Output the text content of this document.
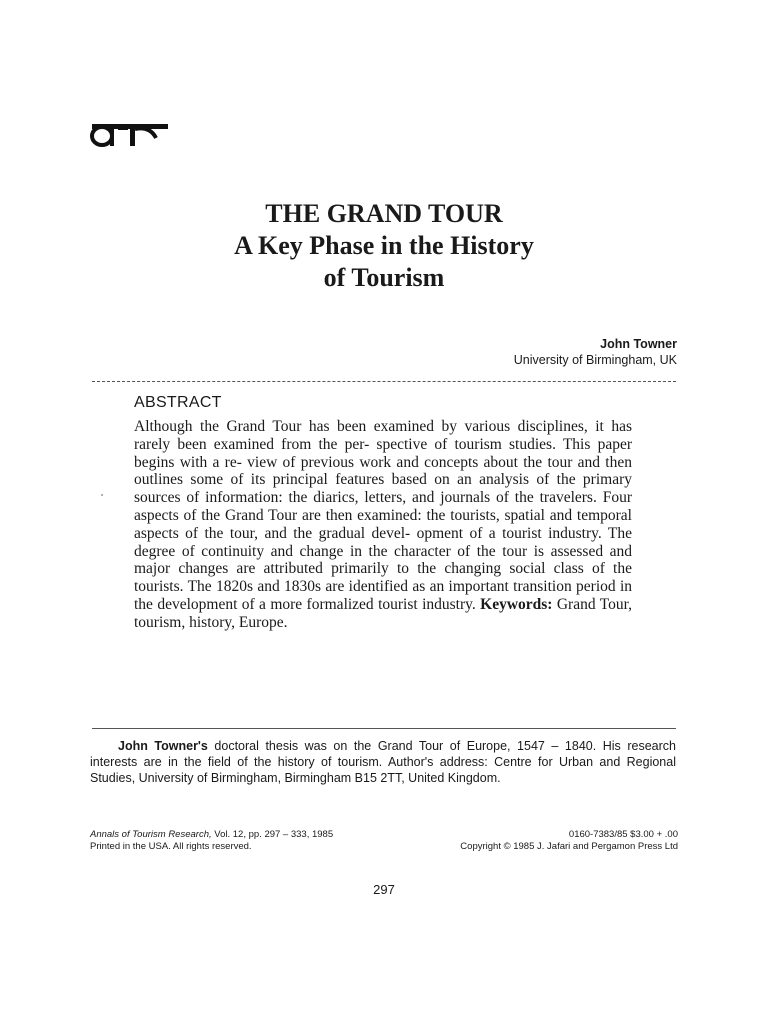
THE GRAND TOUR
A Key Phase in the History
of Tourism
John Towner
University of Birmingham, UK
ABSTRACT
Although the Grand Tour has been examined by various disciplines, it has rarely been examined from the per- spective of tourism studies. This paper begins with a re- view of previous work and concepts about the tour and then outlines some of its principal features based on an analysis of the primary sources of information: the diarics, letters, and journals of the travelers. Four aspects of the Grand Tour are then examined: the tourists, spatial and temporal aspects of the tour, and the gradual devel- opment of a tourist industry. The degree of continuity and change in the character of the tour is assessed and major changes are attributed primarily to the changing social class of the tourists. The 1820s and 1830s are identified as an important transition period in the development of a more formalized tourist industry. Keywords: Grand Tour, tourism, history, Europe.
John Towner's doctoral thesis was on the Grand Tour of Europe, 1547 – 1840. His research interests are in the field of the history of tourism. Author's address: Centre for Urban and Regional Studies, University of Birmingham, Birmingham B15 2TT, United Kingdom.
Annals of Tourism Research, Vol. 12, pp. 297 – 333, 1985	0160-7383/85 $3.00 + .00
Printed in the USA. All rights reserved.	Copyright © 1985 J. Jafari and Pergamon Press Ltd
297
